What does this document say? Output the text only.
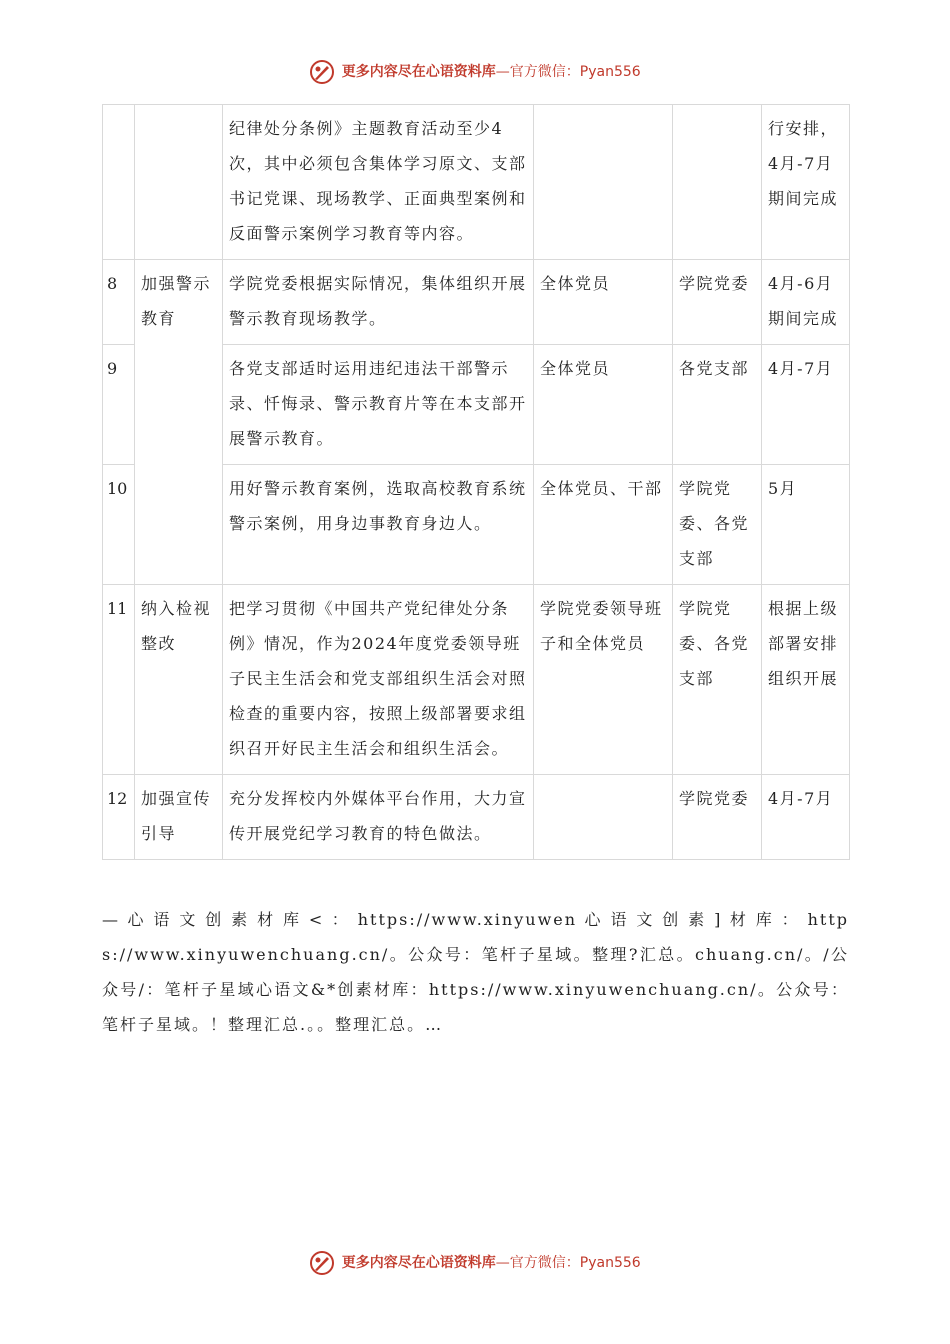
更多内容尽在心语资料库—官方微信：Pyan556
		纪律处分条例》主题教育活动至少4次，其中必须包含集体学习原文、支部书记党课、现场教学、正面典型案例和反面警示案例学习教育等内容。			行安排，4月-7月期间完成
8	加强警示教育	学院党委根据实际情况，集体组织开展警示教育现场教学。	全体党员	学院党委	4月-6月期间完成
9		各党支部适时运用违纪违法干部警示录、忏悔录、警示教育片等在本支部开展警示教育。	全体党员	各党支部	4月-7月
10		用好警示教育案例，选取高校教育系统警示案例，用身边事教育身边人。	全体党员、干部	学院党委、各党支部	5月
11	纳入检视整改	把学习贯彻《中国共产党纪律处分条例》情况，作为2024年度党委领导班子民主生活会和党支部组织生活会对照检查的重要内容，按照上级部署要求组织召开好民主生活会和组织生活会。	学院党委领导班子和全体党员	学院党委、各党支部	根据上级部署安排组织开展
12	加强宣传引导	充分发挥校内外媒体平台作用，大力宣传开展党纪学习教育的特色做法。		学院党委	4月-7月
— 心 语 文 创 素 材 库 < ： https://www.xinyuwen 心 语 文 创 素 ] 材 库 ： https://www.xinyuwenchuang.cn/。公众号：笔杆子星域。整理?汇总。chuang.cn/。/公众号/：笔杆子星域心语文&*创素材库：https://www.xinyuwenchuang.cn/。公众号：笔杆子星域。！整理汇总.。。整理汇总。…
更多内容尽在心语资料库—官方微信：Pyan556
